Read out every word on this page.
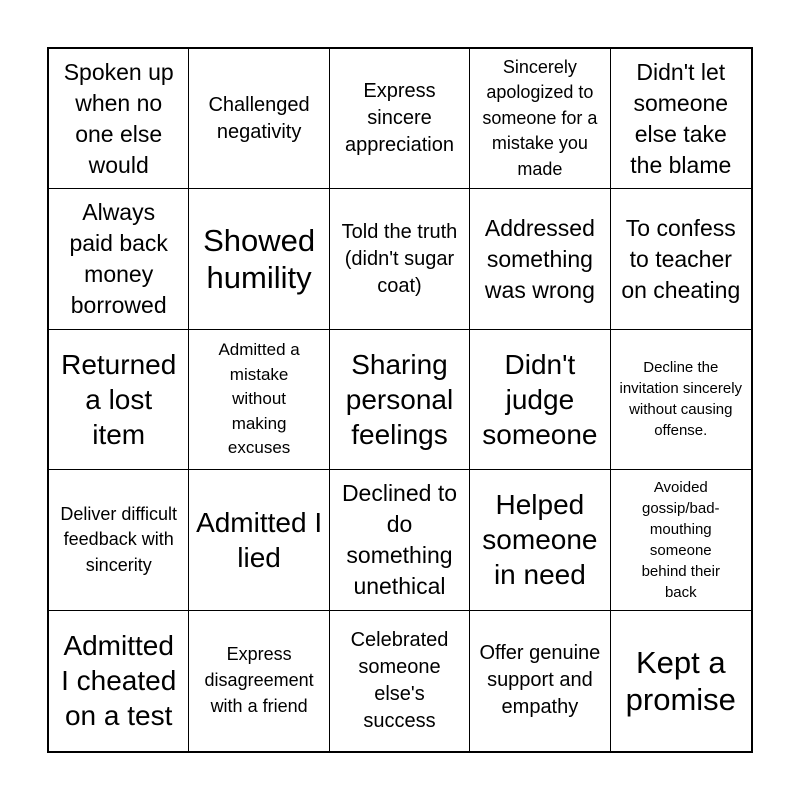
Spoken up when no one else would
Challenged negativity
Express sincere appreciation
Sincerely apologized to someone for a mistake you made
Didn't let someone else take the blame
Always paid back money borrowed
Showed humility
Told the truth (didn't sugar coat)
Addressed something was wrong
To confess to teacher on cheating
Returned a lost item
Admitted a mistake without making excuses
Sharing personal feelings
Didn't judge someone
Decline the invitation sincerely without causing offense.
Deliver difficult feedback with sincerity
Admitted I lied
Declined to do something unethical
Helped someone in need
Avoided gossip/bad-mouthing someone behind their back
Admitted I cheated on a test
Express disagreement with a friend
Celebrated someone else's success
Offer genuine support and empathy
Kept a promise
